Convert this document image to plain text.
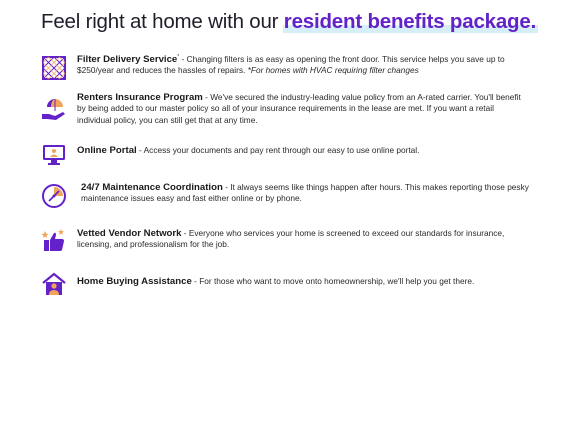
Feel right at home with our resident benefits package.
Filter Delivery Service* - Changing filters is as easy as opening the front door. This service helps you save up to $250/year and reduces the hassles of repairs. *For homes with HVAC requiring filter changes
Renters Insurance Program - We've secured the industry-leading value policy from an A-rated carrier. You'll benefit by being added to our master policy so all of your insurance requirements in the lease are met. If you want a retail individual policy, you can still get that at any time.
Online Portal - Access your documents and pay rent through our easy to use online portal.
24/7 Maintenance Coordination - It always seems like things happen after hours. This makes reporting those pesky maintenance issues easy and fast either online or by phone.
Vetted Vendor Network - Everyone who services your home is screened to exceed our standards for insurance, licensing, and professionalism for the job.
Home Buying Assistance - For those who want to move onto homeownership, we'll help you get there.
